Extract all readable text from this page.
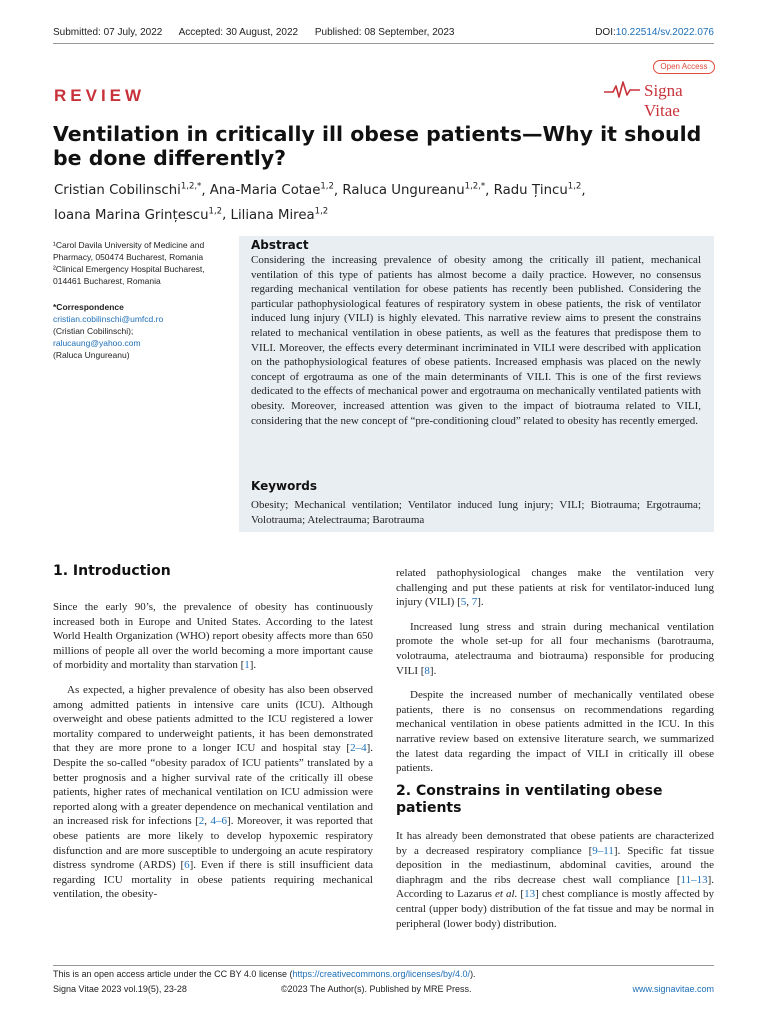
Submitted: 07 July, 2022 Accepted: 30 August, 2022 Published: 08 September, 2023	DOI:10.22514/sv.2022.076
Open Access
REVIEW	Signa Vitae
Ventilation in critically ill obese patients—Why it should be done differently?
Cristian Cobilinschi$^{1,2,*}$, Ana-Maria Cotae$^{1,2}$, Raluca Ungureanu$^{1,2,*}$, Radu Țincu$^{1,2}$,
Ioana Marina Grințescu$^{1,2}$, Liliana Mirea$^{1,2}$

¹Carol Davila University of Medicine and Pharmacy, 050474 Bucharest, Romania

²Clinical Emergency Hospital Bucharest, 014461 Bucharest, Romania

*Correspondence

cristian.cobilinschi@umfcd.ro

(Cristian Cobilinschi);

ralucaung@yahoo.com

(Raluca Ungureanu)

Abstract
Considering the increasing prevalence of obesity among the critically ill patient, mechanical ventilation of this type of patients has almost become a daily practice. However, no consensus regarding mechanical ventilation for obese patients has recently been published. Considering the particular pathophysiological features of respiratory system in obese patients, the risk of ventilator induced lung injury (VILI) is highly elevated. This narrative review aims to present the constrains related to mechanical ventilation in obese patients, as well as the features that predispose them to VILI. Moreover, the effects every determinant incriminated in VILI were described with application on the pathophysiological features of obese patients. Increased emphasis was placed on the newly concept of ergotrauma as one of the main determinants of VILI. This is one of the first reviews dedicated to the effects of mechanical power and ergotrauma on mechanically ventilated patients with obesity. Moreover, increased attention was given to the impact of biotrauma related to VILI, considering that the new concept of “pre-conditioning cloud” related to obesity has recently emerged.
Keywords
Obesity; Mechanical ventilation; Ventilator induced lung injury; VILI; Biotrauma; Ergotrauma; Volotrauma; Atelectrauma; Barotrauma
1. Introduction

Since the early 90’s, the prevalence of obesity has continuously increased both in Europe and United States. According to the latest World Health Organization (WHO) report obesity affects more than 650 millions of people all over the world becoming a more important cause of morbidity and mortality than starvation [1].

As expected, a higher prevalence of obesity has also been observed among admitted patients in intensive care units (ICU). Although overweight and obese patients admitted to the ICU registered a lower mortality compared to underweight patients, it has been demonstrated that they are more prone to a longer ICU and hospital stay [2–4]. Despite the so-called “obesity paradox of ICU patients” translated by a better prognosis and a higher survival rate of the critically ill obese patients, higher rates of mechanical ventilation on ICU admission were reported along with a greater dependence on mechanical ventilation and an increased risk for infections [2, 4–6]. Moreover, it was reported that obese patients are more likely to develop hypoxemic respiratory disfunction and are more susceptible to undergoing an acute respiratory distress syndrome (ARDS) [6]. Even if there is still insufficient data regarding ICU mortality in obese patients requiring mechanical ventilation, the obesity-

related pathophysiological changes make the ventilation very challenging and put these patients at risk for ventilator-induced lung injury (VILI) [5, 7].

Increased lung stress and strain during mechanical ventilation promote the whole set-up for all four mechanisms (barotrauma, volotrauma, atelectrauma and biotrauma) responsible for producing VILI [8].

Despite the increased number of mechanically ventilated obese patients, there is no consensus on recommendations regarding mechanical ventilation in obese patients admitted in the ICU. In this narrative review based on extensive literature search, we summarized the latest data regarding the impact of VILI in critically ill obese patients.

2. Constrains in ventilating obese patients

It has already been demonstrated that obese patients are characterized by a decreased respiratory compliance [9–11]. Specific fat tissue deposition in the mediastinum, abdominal cavities, around the diaphragm and the ribs decrease chest wall compliance [11–13]. According to Lazarus et al. [13] chest compliance is mostly affected by central (upper body) distribution of the fat tissue and may be normal in peripheral (lower body) distribution.

This is an open access article under the CC BY 4.0 license (https://creativecommons.org/licenses/by/4.0/).
Signa Vitae 2023 vol.19(5), 23-28	©2023 The Author(s). Published by MRE Press.	www.signavitae.com
